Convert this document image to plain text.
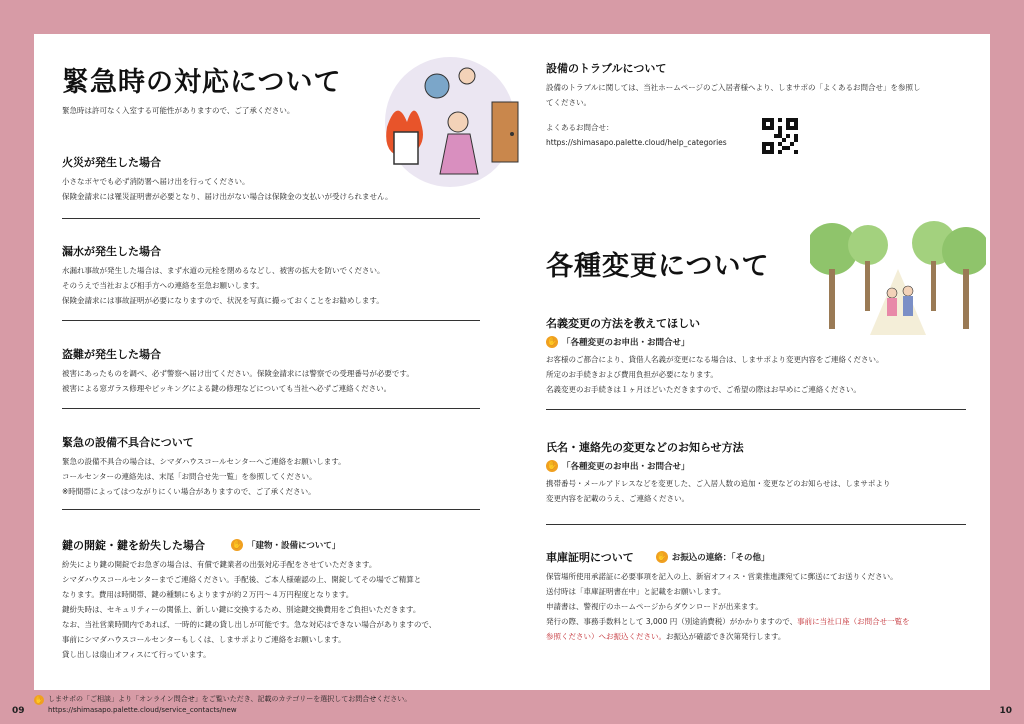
緊急時の対応について
緊急時は許可なく入室する可能性がありますので、ご了承ください。
火災が発生した場合
小さなボヤでも必ず消防署へ届け出を行ってください。
保険金請求には罹災証明書が必要となり、届け出がない場合は保険金の支払いが受けられません。
漏水が発生した場合
水漏れ事故が発生した場合は、まず水道の元栓を閉めるなどし、被害の拡大を防いでください。
そのうえで当社および相手方への連絡を至急お願いします。
保険金請求には事故証明が必要になりますので、状況を写真に撮っておくことをお勧めします。
盗難が発生した場合
被害にあったものを調べ、必ず警察へ届け出てください。保険金請求には警察での受理番号が必要です。
被害による窓ガラス修理やピッキングによる鍵の修理などについても当社へ必ずご連絡ください。
緊急の設備不具合について
緊急の設備不具合の場合は、シマダハウスコールセンターへご連絡をお願いします。
コールセンターの連絡先は、末尾「お問合せ先一覧」を参照してください。
※時間帯によってはつながりにくい場合がありますので、ご了承ください。
鍵の開錠・鍵を紛失した場合	✋ 「建物・設備について」
紛失により鍵の開錠でお急ぎの場合は、有償で鍵業者の出張対応手配をさせていただきます。
シマダハウスコールセンターまでご連絡ください。手配後、ご本人様確認の上、開錠してその場でご精算と
なります。費用は時間帯、鍵の種類にもよりますが約２万円～４万円程度となります。
鍵紛失時は、セキュリティーの関係上、新しい鍵に交換するため、別途鍵交換費用をご負担いただきます。
なお、当社営業時間内であれば、一時的に鍵の貸し出しが可能です。急な対応はできない場合がありますので、
事前にシマダハウスコールセンターもしくは、しまサポよりご連絡をお願いします。
貸し出しは扇山オフィスにて行っています。
設備のトラブルについて
設備のトラブルに関しては、当社ホームページのご入居者様へより、しまサポの「よくあるお問合せ」を参照し
てください。
よくあるお問合せ：
https://shimasapo.palette.cloud/help_categories
各種変更について
名義変更の方法を教えてほしい
✋ 「各種変更のお申出・お問合せ」
お客様のご都合により、貸借人名義が変更になる場合は、しまサポより変更内容をご連絡ください。
所定のお手続きおよび費用負担が必要になります。
名義変更のお手続きは１ヶ月ほどいただきますので、ご希望の際はお早めにご連絡ください。
氏名・連絡先の変更などのお知らせ方法
✋ 「各種変更のお申出・お問合せ」
携帯番号・メールアドレスなどを変更した、ご入居人数の追加・変更などのお知らせは、しまサポより
変更内容を記載のうえ、ご連絡ください。
車庫証明について	✋ お振込の連絡：「その他」
保管場所使用承諾証に必要事項を記入の上、新宿オフィス・営業推進課宛てに郵送にてお送りください。
送付時は「車庫証明書在中」と記載をお願いします。
申請書は、警視庁のホームページからダウンロードが出来ます。
発行の際、事務手数料として 3,000 円（別途消費税）がかかりますので、事前に当社口座（お問合せ一覧を
参照ください）へお振込ください。お振込が確認でき次第発行します。
09	10
✋ しまサポの「ご相談」より「オンライン問合せ」をご覧いただき、記載のカテゴリーを選択してお問合せください。
https://shimasapo.palette.cloud/service_contacts/new
